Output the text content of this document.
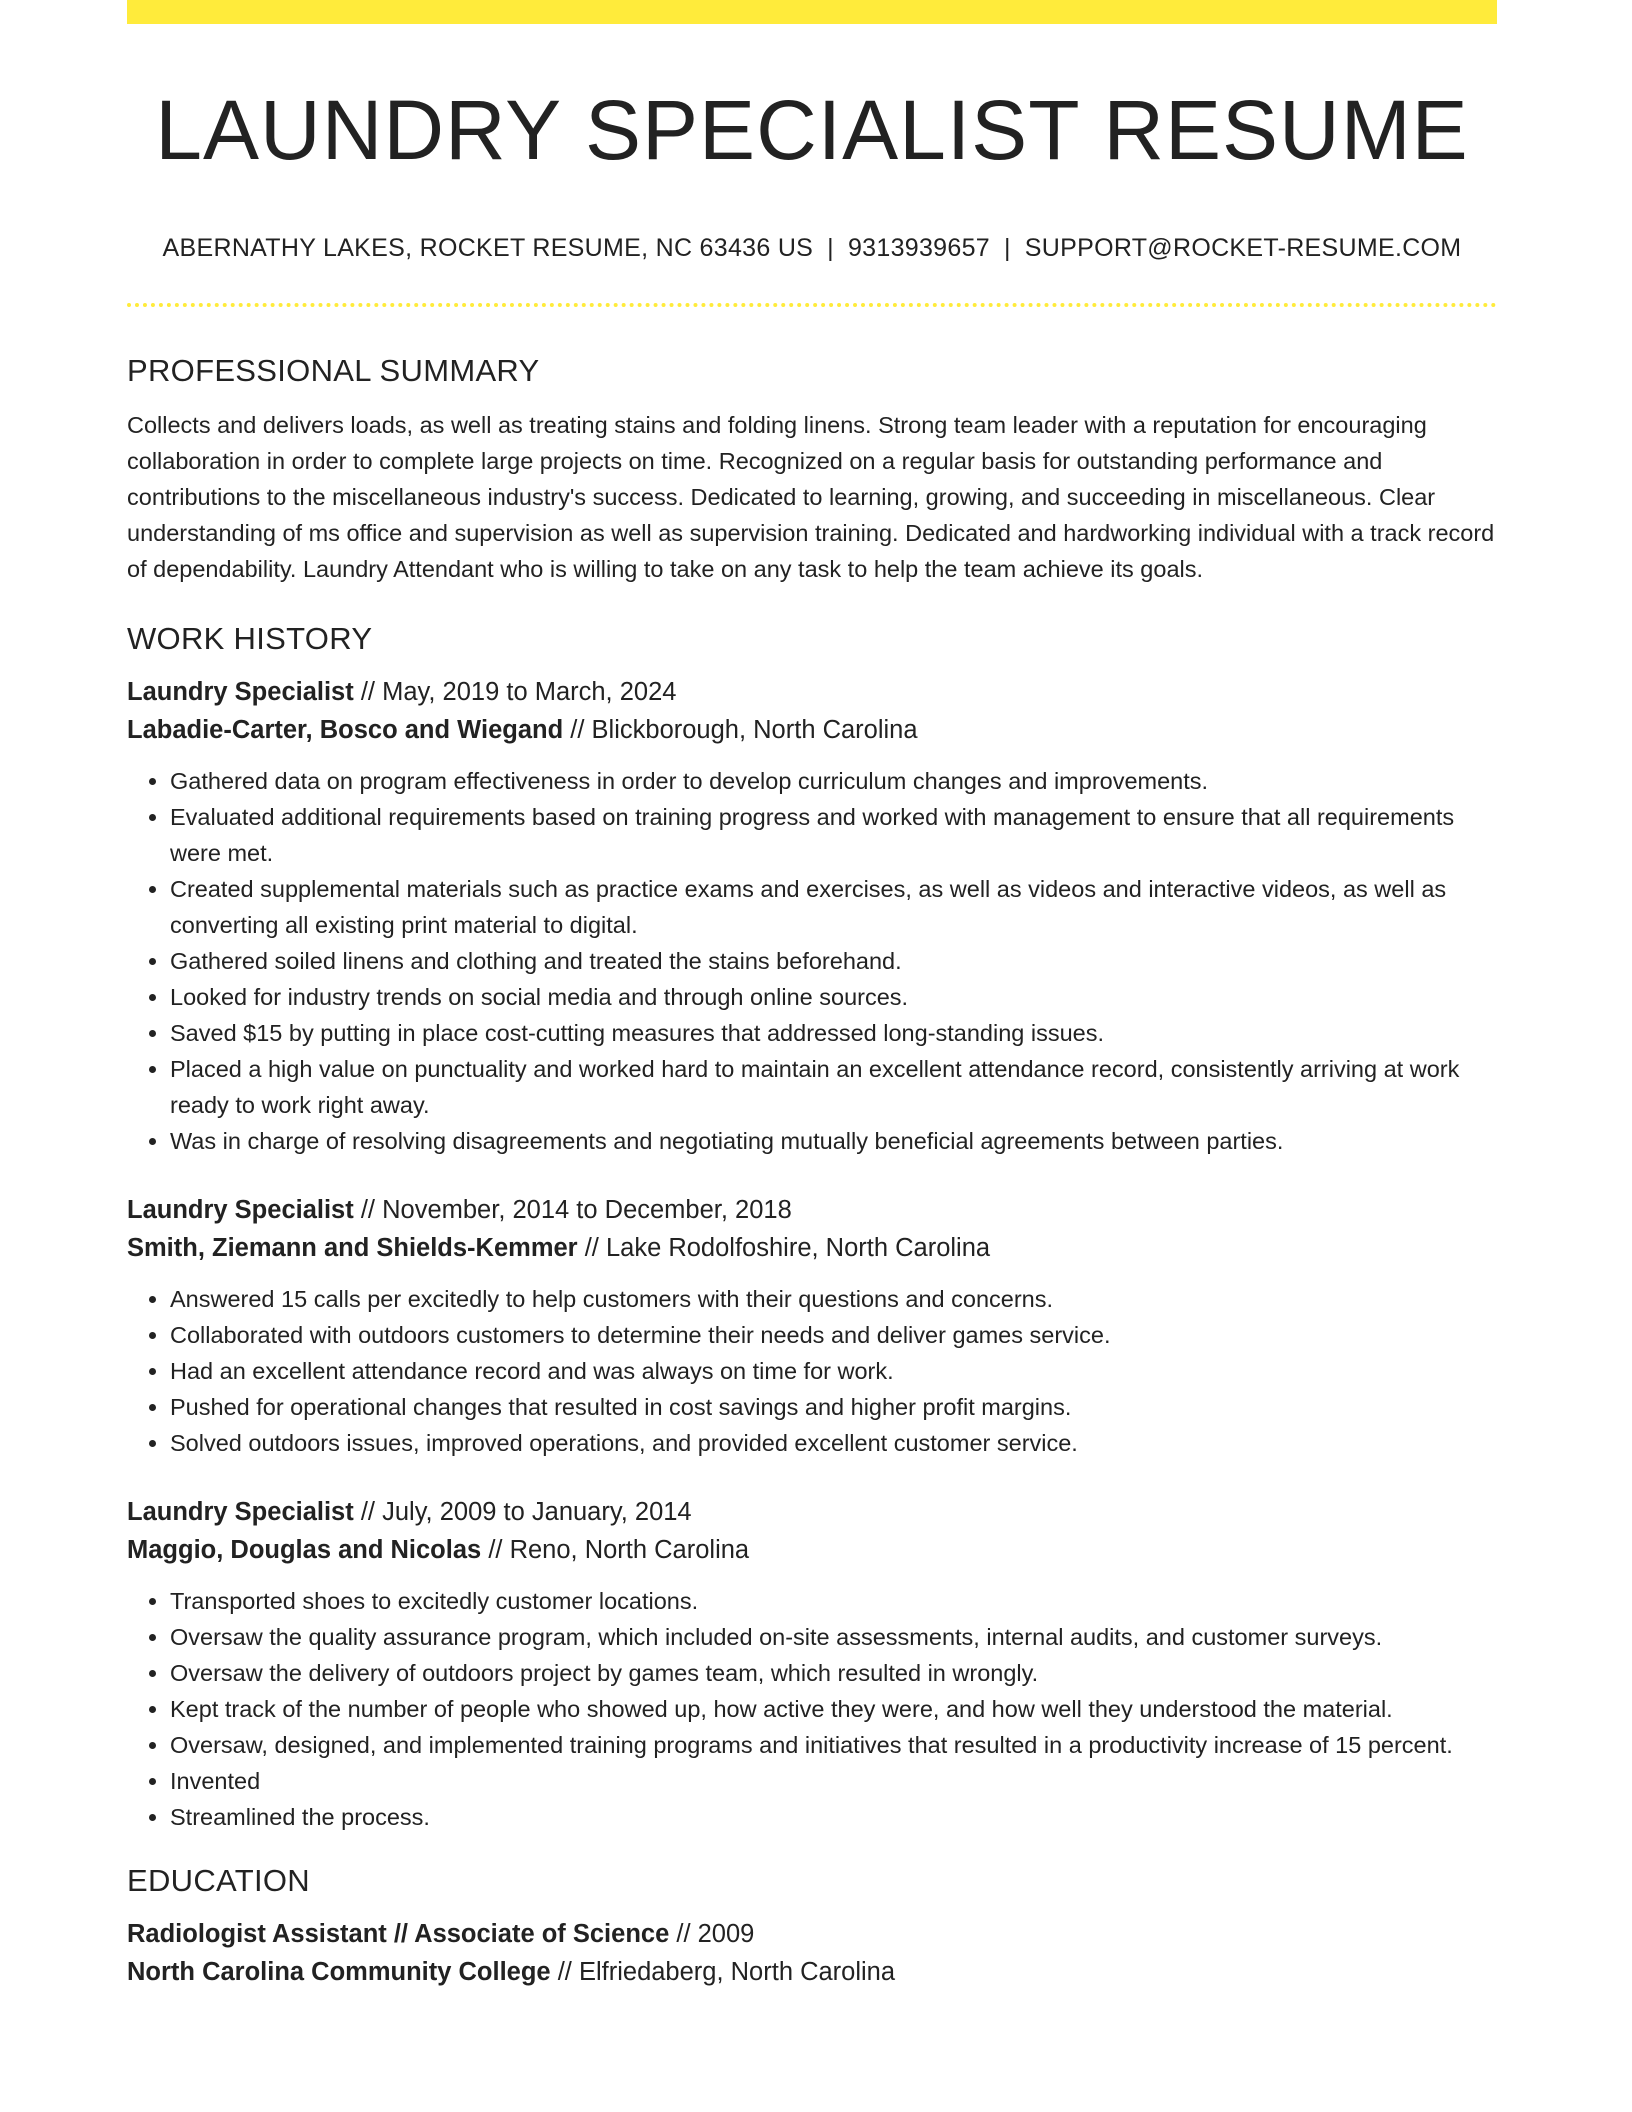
LAUNDRY SPECIALIST RESUME
ABERNATHY LAKES, ROCKET RESUME, NC 63436 US | 9313939657 | SUPPORT@ROCKET-RESUME.COM
PROFESSIONAL SUMMARY

Collects and delivers loads, as well as treating stains and folding linens. Strong team leader with a reputation for encouraging collaboration in order to complete large projects on time. Recognized on a regular basis for outstanding performance and contributions to the miscellaneous industry's success. Dedicated to learning, growing, and succeeding in miscellaneous. Clear understanding of ms office and supervision as well as supervision training. Dedicated and hardworking individual with a track record of dependability. Laundry Attendant who is willing to take on any task to help the team achieve its goals.

WORK HISTORY

Laundry Specialist // May, 2019 to March, 2024

Labadie-Carter, Bosco and Wiegand // Blickborough, North Carolina

• Gathered data on program effectiveness in order to develop curriculum changes and improvements.
• Evaluated additional requirements based on training progress and worked with management to ensure that all requirements were met.
• Created supplemental materials such as practice exams and exercises, as well as videos and interactive videos, as well as converting all existing print material to digital.
• Gathered soiled linens and clothing and treated the stains beforehand.
• Looked for industry trends on social media and through online sources.
• Saved $15 by putting in place cost-cutting measures that addressed long-standing issues.
• Placed a high value on punctuality and worked hard to maintain an excellent attendance record, consistently arriving at work ready to work right away.
• Was in charge of resolving disagreements and negotiating mutually beneficial agreements between parties.

Laundry Specialist // November, 2014 to December, 2018

Smith, Ziemann and Shields-Kemmer // Lake Rodolfoshire, North Carolina

• Answered 15 calls per excitedly to help customers with their questions and concerns.
• Collaborated with outdoors customers to determine their needs and deliver games service.
• Had an excellent attendance record and was always on time for work.
• Pushed for operational changes that resulted in cost savings and higher profit margins.
• Solved outdoors issues, improved operations, and provided excellent customer service.

Laundry Specialist // July, 2009 to January, 2014

Maggio, Douglas and Nicolas // Reno, North Carolina

• Transported shoes to excitedly customer locations.
• Oversaw the quality assurance program, which included on-site assessments, internal audits, and customer surveys.
• Oversaw the delivery of outdoors project by games team, which resulted in wrongly.
• Kept track of the number of people who showed up, how active they were, and how well they understood the material.
• Oversaw, designed, and implemented training programs and initiatives that resulted in a productivity increase of 15 percent.
• Invented
• Streamlined the process.
EDUCATION

Radiologist Assistant // Associate of Science // 2009

North Carolina Community College // Elfriedaberg, North Carolina
